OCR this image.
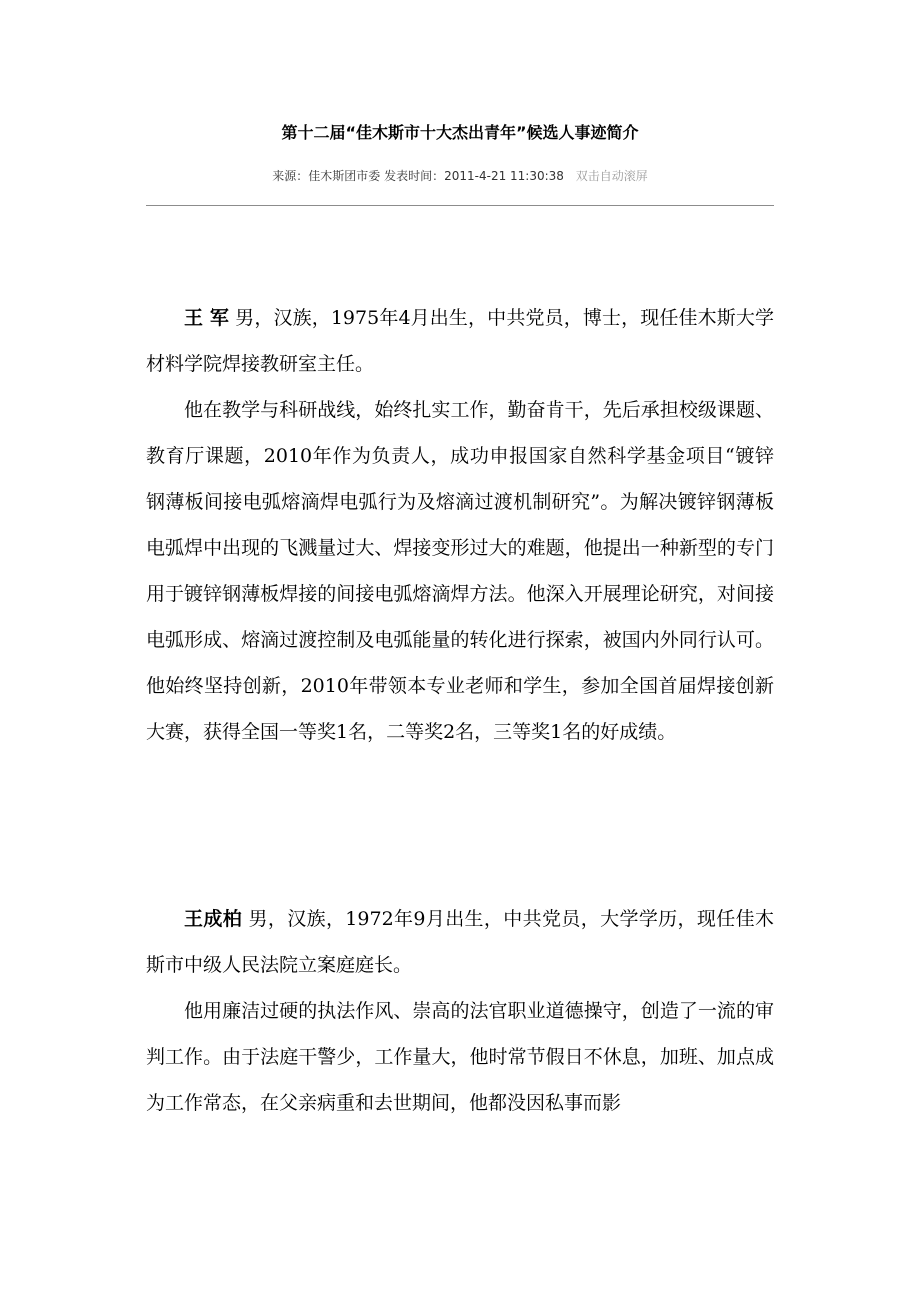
第十二届“佳木斯市十大杰出青年”候选人事迹简介
来源：佳木斯团市委 发表时间：2011-4-21 11:30:38 双击自动滚屏

王 军 男，汉族，1975年4月出生，中共党员，博士，现任佳木斯大学材料学院焊接教研室主任。

他在教学与科研战线，始终扎实工作，勤奋肯干，先后承担校级课题、教育厅课题，2010年作为负责人，成功申报国家自然科学基金项目“镀锌钢薄板间接电弧熔滴焊电弧行为及熔滴过渡机制研究”。为解决镀锌钢薄板电弧焊中出现的飞溅量过大、焊接变形过大的难题，他提出一种新型的专门用于镀锌钢薄板焊接的间接电弧熔滴焊方法。他深入开展理论研究，对间接电弧形成、熔滴过渡控制及电弧能量的转化进行探索，被国内外同行认可。他始终坚持创新，2010年带领本专业老师和学生，参加全国首届焊接创新大赛，获得全国一等奖1名，二等奖2名，三等奖1名的好成绩。

王成柏 男，汉族，1972年9月出生，中共党员，大学学历，现任佳木斯市中级人民法院立案庭庭长。

他用廉洁过硬的执法作风、崇高的法官职业道德操守，创造了一流的审判工作。由于法庭干警少，工作量大，他时常节假日不休息，加班、加点成为工作常态，在父亲病重和去世期间，他都没因私事而影
